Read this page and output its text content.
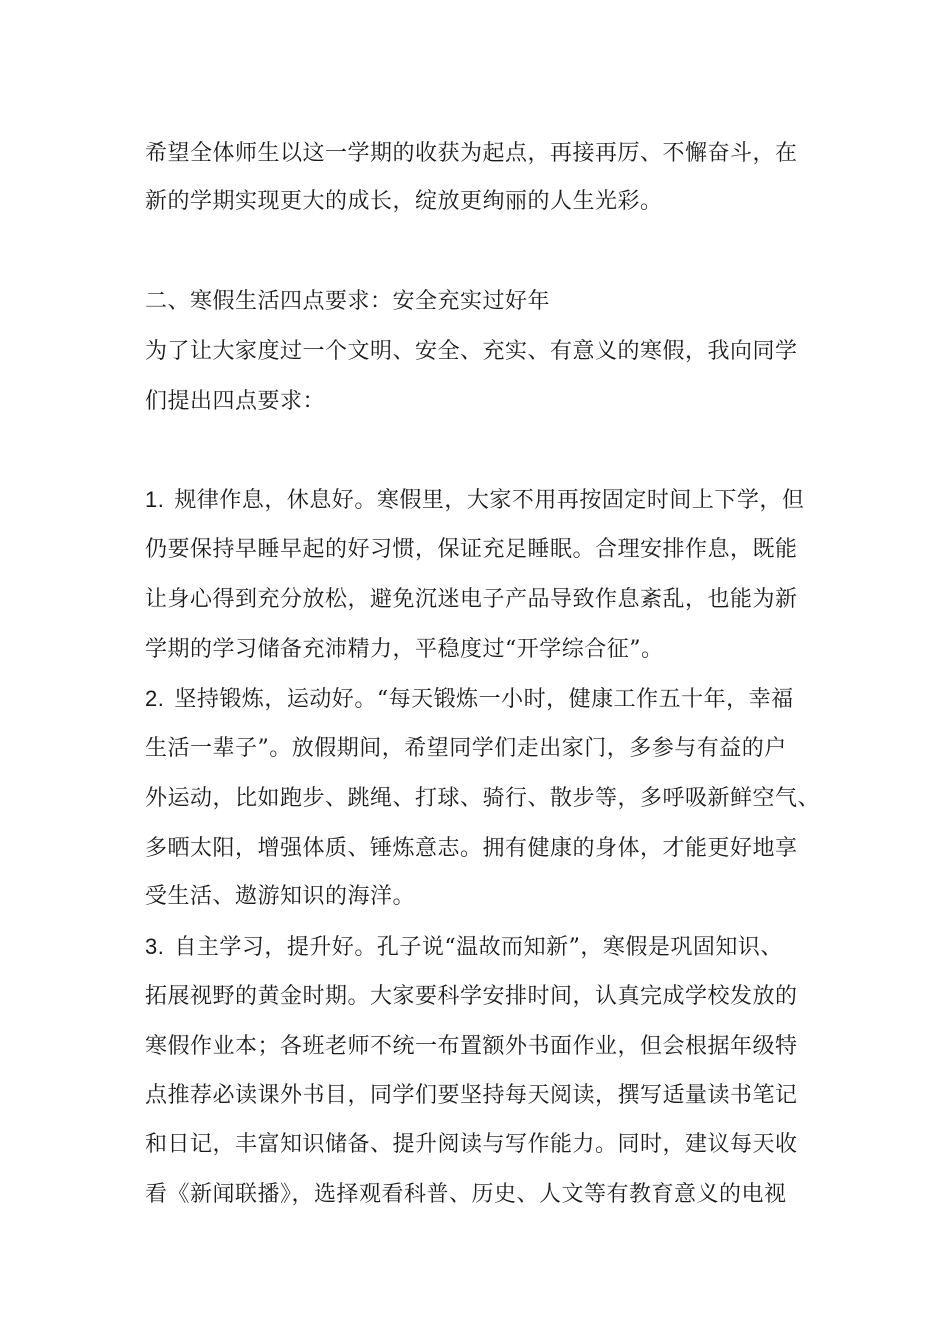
希望全体师生以这一学期的收获为起点，再接再厉、不懈奋斗，在
新的学期实现更大的成长，绽放更绚丽的人生光彩。
二、寒假生活四点要求：安全充实过好年
为了让大家度过一个文明、安全、充实、有意义的寒假，我向同学
们提出四点要求：
1. 规律作息，休息好。寒假里，大家不用再按固定时间上下学，但
仍要保持早睡早起的好习惯，保证充足睡眠。合理安排作息，既能
让身心得到充分放松，避免沉迷电子产品导致作息紊乱，也能为新
学期的学习储备充沛精力，平稳度过“开学综合征”。
2. 坚持锻炼，运动好。“每天锻炼一小时，健康工作五十年，幸福
生活一辈子”。放假期间，希望同学们走出家门，多参与有益的户
外运动，比如跑步、跳绳、打球、骑行、散步等，多呼吸新鲜空气、
多晒太阳，增强体质、锤炼意志。拥有健康的身体，才能更好地享
受生活、遨游知识的海洋。
3. 自主学习，提升好。孔子说“温故而知新”，寒假是巩固知识、
拓展视野的黄金时期。大家要科学安排时间，认真完成学校发放的
寒假作业本；各班老师不统一布置额外书面作业，但会根据年级特
点推荐必读课外书目，同学们要坚持每天阅读，撰写适量读书笔记
和日记，丰富知识储备、提升阅读与写作能力。同时，建议每天收
看《新闻联播》，选择观看科普、历史、人文等有教育意义的电视
